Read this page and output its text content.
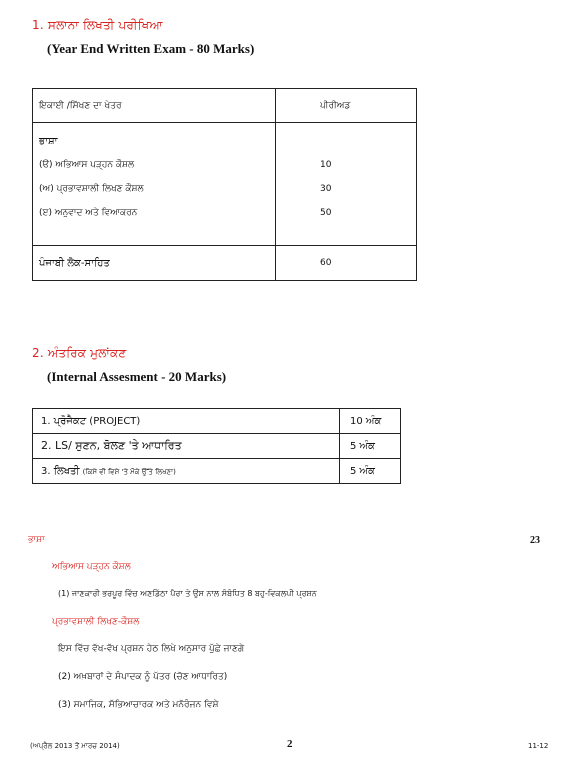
1. ਸਲਾਨਾ ਲਿਖਤੀ ਪਰੀਖਿਆ
(Year End Written Exam - 80 Marks)
ਇਕਾਈ /ਸਿੱਖਣ ਦਾ ਖੇਤਰ	ਪੀਰੀਅਡ
ਭਾਸ਼ਾ	
(ੳ) ਅਭਿਆਸ ਪੜ੍ਹਨ ਕੌਸ਼ਲ	10
(ਅ) ਪ੍ਰਭਾਵਸ਼ਾਲੀ ਲਿਖਣ ਕੌਸ਼ਲ	30
(ੲ) ਅਨੁਵਾਦ ਅਤੇ ਵਿਆਕਰਨ	50

ਪੰਜਾਬੀ ਲੋਕ-ਸਾਹਿਤ	60
2. ਅੰਤਰਿਕ ਮੁਲਾਂਕਣ
(Internal Assesment - 20 Marks)
1. ਪ੍ਰੋਜੈਕਟ (PROJECT)	10 ਅੰਕ
2. LS/ ਸੁਣਨ, ਬੋਲਣ 'ਤੇ ਆਧਾਰਿਤ	5 ਅੰਕ
3. ਲਿਖਤੀ (ਕਿਸੇ ਵੀ ਵਿਸ਼ੇ 'ਤੇ ਮੌਕੇ ਉੱਤੇ ਲਿਖਣਾ)	5 ਅੰਕ
ਭਾਸ਼ਾ	23
ਅਭਿਆਸ ਪੜ੍ਹਨ ਕੌਸ਼ਲ
(1) ਜਾਣਕਾਰੀ ਭਰਪੂਰ ਵਿੱਚ ਅਣਡਿੱਠਾ ਪੈਰਾ ਤੇ ਉਸ ਨਾਲ ਸੰਬੰਧਿਤ 8 ਬਹੁ-ਵਿਕਲਪੀ ਪ੍ਰਸ਼ਨ
ਪ੍ਰਭਾਵਸ਼ਾਲੀ ਲਿਖਣ-ਕੌਸ਼ਲ
ਇਸ ਵਿੱਚ ਵੱਖ-ਵੱਖ ਪ੍ਰਸ਼ਨ ਹੇਠ ਲਿਖੇ ਅਨੁਸਾਰ ਪੁੱਛੇ ਜਾਣਗੇ
(2) ਅਖ਼ਬਾਰਾਂ ਦੇ ਸੰਪਾਦਕ ਨੂੰ ਪੱਤਰ (ਚੋਣ ਆਧਾਰਿਤ)
(3) ਸਮਾਜਿਕ, ਸੱਭਿਆਚਾਰਕ ਅਤੇ ਮਨੋਰੰਜਨ ਵਿਸ਼ੇ
(ਅਪ੍ਰੈਲ 2013 ਤੋਂ ਮਾਰਚ 2014)	2	11-12
